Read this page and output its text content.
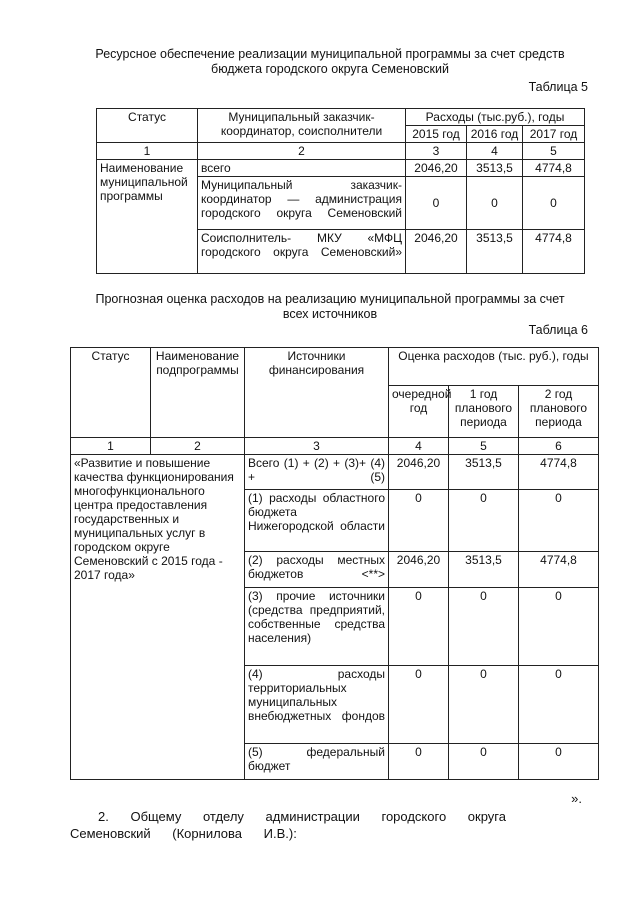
Ресурсное обеспечение реализации муниципальной программы за счет средств
бюджета городского округа Семеновский
Таблица 5
Статус	Муниципальный заказчик-координатор, соисполнители	Расходы (тыс.руб.), годы		
		2015 год	2016 год	2017 год
1	2	3	4	5
Наименование муниципальной программы	всего	2046,20	3513,5	4774,8
	Муниципальный заказчик-координатор — администрация городского округа Семеновский	0	0	0
	Соисполнитель- МКУ «МФЦ городского округа Семеновский»	2046,20	3513,5	4774,8
Прогнозная оценка расходов на реализацию муниципальной программы за счет
всех источников
Таблица 6
Статус	Наименование подпрограммы	Источники финансирования	Оценка расходов (тыс. руб.), годы		
			очередной год	1 год планового периода	2 год планового периода
1	2	3	4	5	6
«Развитие и повышение качества функционирования многофункционального центра предоставления государственных и муниципальных услуг в городском округе Семеновский с 2015 года - 2017 года»		Всего (1) + (2) + (3)+ (4) + (5)	2046,20	3513,5	4774,8
		(1) расходы областного бюджета Нижегородской области	0	0	0
		(2) расходы местных бюджетов <**>	2046,20	3513,5	4774,8
		(3) прочие источники (средства предприятий, собственные средства населения)	0	0	0
		(4) расходы территориальных муниципальных внебюджетных фондов	0	0	0
		(5) федеральный бюджет	0	0	0
».
2. Общему отделу администрации городского округа Семеновский (Корнилова И.В.):
